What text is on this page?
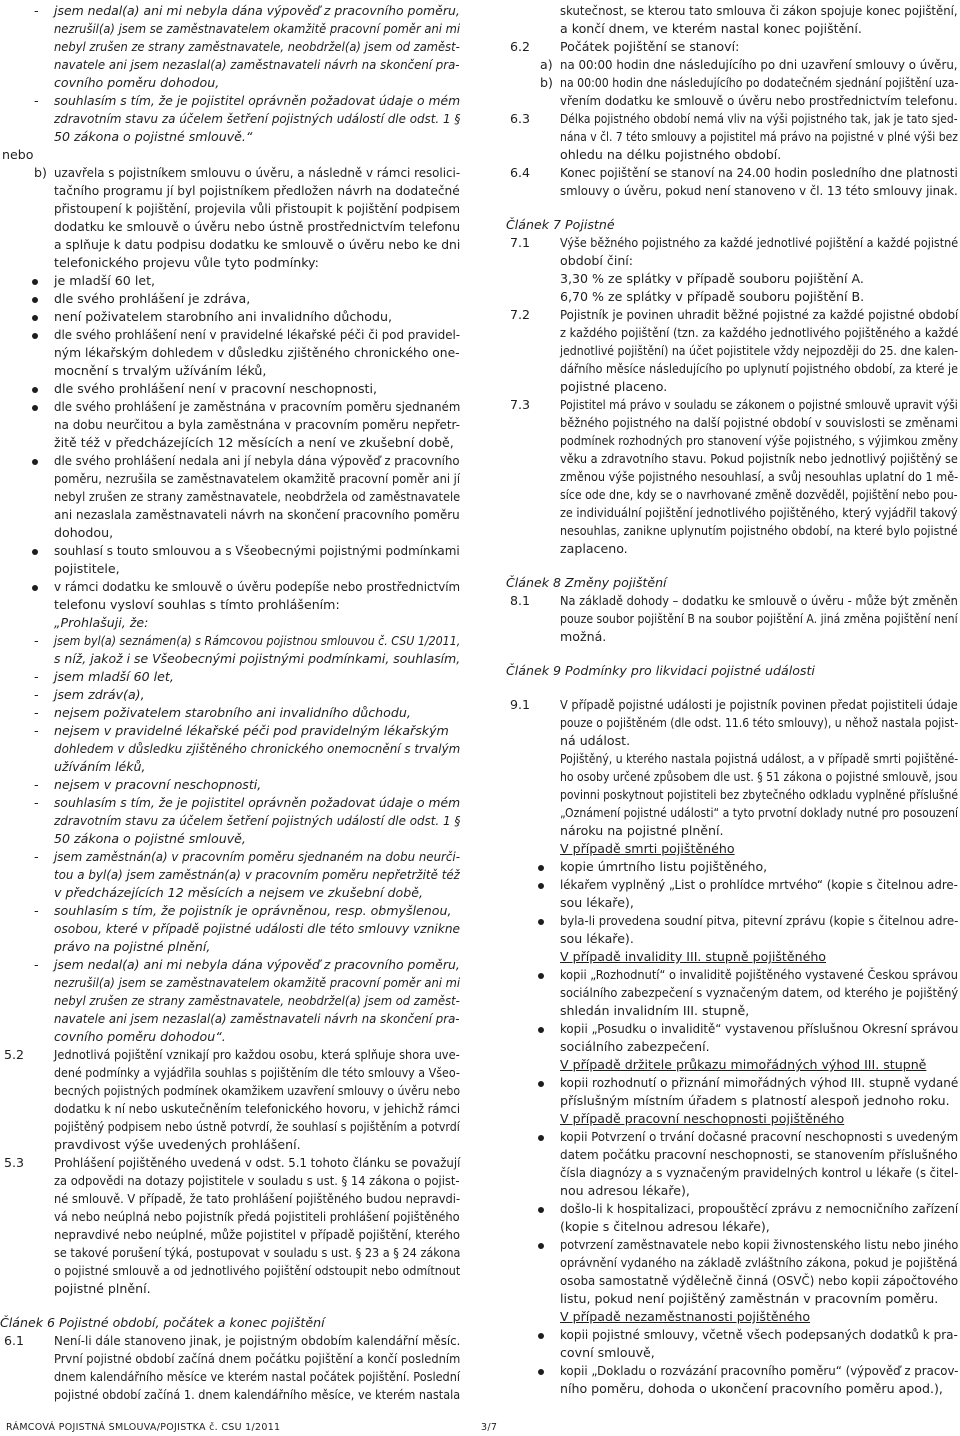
- jsem nedal(a) ani mi nebyla dána výpověď z pracovního poměru,
nezrušil(a) jsem se zaměstnavatelem okamžitě pracovní poměr ani mi
nebyl zrušen ze strany zaměstnavatele, neobdržel(a) jsem od zaměst-
navatele ani jsem nezaslal(a) zaměstnavateli návrh na skončení pra-
covního poměru dohodou,
- souhlasím s tím, že je pojistitel oprávněn požadovat údaje o mém
zdravotním stavu za účelem šetření pojistných událostí dle odst. 1 §
50 zákona o pojistné smlouvě.“
nebo
b) uzavřela s pojistníkem smlouvu o úvěru, a následně v rámci resolici-
tačního programu jí byl pojistníkem předložen návrh na dodatečné
přistoupení k pojištění, projevila vůli přistoupit k pojištění podpisem
dodatku ke smlouvě o úvěru nebo ústně prostřednictvím telefonu
a splňuje k datu podpisu dodatku ke smlouvě o úvěru nebo ke dni
telefonického projevu vůle tyto podmínky:
je mladší 60 let,
dle svého prohlášení je zdráva,
není poživatelem starobního ani invalidního důchodu,
dle svého prohlášení není v pravidelné lékařské péči či pod pravidel-
ným lékařským dohledem v důsledku zjištěného chronického one-
mocnění s trvalým užíváním léků,
dle svého prohlášení není v pracovní neschopnosti,
dle svého prohlášení je zaměstnána v pracovním poměru sjednaném
na dobu neurčitou a byla zaměstnána v pracovním poměru nepřetr-
žitě též v předcházejících 12 měsících a není ve zkušební době,
dle svého prohlášení nedala ani jí nebyla dána výpověď z pracovního
poměru, nezrušila se zaměstnavatelem okamžitě pracovní poměr ani jí
nebyl zrušen ze strany zaměstnavatele, neobdržela od zaměstnavatele
ani nezaslala zaměstnavateli návrh na skončení pracovního poměru
dohodou,
souhlasí s touto smlouvou a s Všeobecnými pojistnými podmínkami
pojistitele,
v rámci dodatku ke smlouvě o úvěru podepíše nebo prostřednictvím
telefonu vysloví souhlas s tímto prohlášením:
„Prohlašuji, že:
- jsem byl(a) seznámen(a) s Rámcovou pojistnou smlouvou č. CSU 1/2011,
s níž, jakož i se Všeobecnými pojistnými podmínkami, souhlasím,
- jsem mladší 60 let,
- jsem zdráv(a),
- nejsem poživatelem starobního ani invalidního důchodu,
- nejsem v pravidelné lékařské péči pod pravidelným lékařským
dohledem v důsledku zjištěného chronického onemocnění s trvalým
užíváním léků,
- nejsem v pracovní neschopnosti,
- souhlasím s tím, že je pojistitel oprávněn požadovat údaje o mém
zdravotním stavu za účelem šetření pojistných událostí dle odst. 1 §
50 zákona o pojistné smlouvě,
- jsem zaměstnán(a) v pracovním poměru sjednaném na dobu neurči-
tou a byl(a) jsem zaměstnán(a) v pracovním poměru nepřetržitě též
v předcházejících 12 měsících a nejsem ve zkušební době,
- souhlasím s tím, že pojistník je oprávněnou, resp. obmyšlenou,
osobou, které v případě pojistné události dle této smlouvy vznikne
právo na pojistné plnění,
- jsem nedal(a) ani mi nebyla dána výpověď z pracovního poměru,
nezrušil(a) jsem se zaměstnavatelem okamžitě pracovní poměr ani mi
nebyl zrušen ze strany zaměstnavatele, neobdržel(a) jsem od zaměst-
navatele ani jsem nezaslal(a) zaměstnavateli návrh na skončení pra-
covního poměru dohodou“.
5.2 Jednotlivá pojištění vznikají pro každou osobu, která splňuje shora uve-
dené podmínky a vyjádřila souhlas s pojištěním dle této smlouvy a Všeo-
becných pojistných podmínek okamžikem uzavření smlouvy o úvěru nebo
dodatku k ní nebo uskutečněním telefonického hovoru, v jehichž rámci
pojištěný podpisem nebo ústně potvrdí, že souhlasí s pojištěním a potvrdí
pravdivost výše uvedených prohlášení.
5.3 Prohlášení pojištěného uvedená v odst. 5.1 tohoto článku se považují
za odpovědi na dotazy pojistitele v souladu s ust. § 14 zákona o pojist-
né smlouvě. V případě, že tato prohlášení pojištěného budou nepravdi-
vá nebo neúplná nebo pojistník předá pojistiteli prohlášení pojištěného
nepravdivé nebo neúplné, může pojistitel v případě pojištění, kterého
se takové porušení týká, postupovat v souladu s ust. § 23 a § 24 zákona
o pojistné smlouvě a od jednotlivého pojištění odstoupit nebo odmítnout
pojistné plnění.
Článek 6 Pojistné období, počátek a konec pojištění
6.1 Není-li dále stanoveno jinak, je pojistným obdobím kalendářní měsíc.
První pojistné období začíná dnem počátku pojištění a končí posledním
dnem kalendářního měsíce ve kterém nastal počátek pojištění. Poslední
pojistné období začíná 1. dnem kalendářního měsíce, ve kterém nastala
skutečnost, se kterou tato smlouva či zákon spojuje konec pojištění,
a končí dnem, ve kterém nastal konec pojištění.
6.2 Počátek pojištění se stanoví:
a) na 00:00 hodin dne následujícího po dni uzavření smlouvy o úvěru,
b) na 00:00 hodin dne následujícího po dodatečném sjednání pojištění uza-
vřením dodatku ke smlouvě o úvěru nebo prostřednictvím telefonu.
6.3 Délka pojistného období nemá vliv na výši pojistného tak, jak je tato sjed-
nána v čl. 7 této smlouvy a pojistitel má právo na pojistné v plné výši bez
ohledu na délku pojistného období.
6.4 Konec pojištění se stanoví na 24.00 hodin posledního dne platnosti
smlouvy o úvěru, pokud není stanoveno v čl. 13 této smlouvy jinak.
Článek 7 Pojistné
7.1 Výše běžného pojistného za každé jednotlivé pojištění a každé pojistné
období činí:
3,30 % ze splátky v případě souboru pojištění A.
6,70 % ze splátky v případě souboru pojištění B.
7.2 Pojistník je povinen uhradit běžné pojistné za každé pojistné období
z každého pojištění (tzn. za každého jednotlivého pojištěného a každé
jednotlivé pojištění) na účet pojistitele vždy nejpozději do 25. dne kalen-
dářního měsíce následujícího po uplynutí pojistného období, za které je
pojistné placeno.
7.3 Pojistitel má právo v souladu se zákonem o pojistné smlouvě upravit výši
běžného pojistného na další pojistné období v souvislosti se změnami
podmínek rozhodných pro stanovení výše pojistného, s výjimkou změny
věku a zdravotního stavu. Pokud pojistník nebo jednotlivý pojištěný se
změnou výše pojistného nesouhlasí, a svůj nesouhlas uplatní do 1 mě-
síce ode dne, kdy se o navrhované změně dozvěděl, pojištění nebo pou-
ze individuální pojištění jednotlivého pojištěného, který vyjádřil takový
nesouhlas, zanikne uplynutím pojistného období, na které bylo pojistné
zaplaceno.
Článek 8 Změny pojištění
8.1 Na základě dohody – dodatku ke smlouvě o úvěru - může být změněn
pouze soubor pojištění B na soubor pojištění A. jiná změna pojištění není
možná.
Článek 9 Podmínky pro likvidaci pojistné události
9.1 V případě pojistné události je pojistník povinen předat pojistiteli údaje
pouze o pojištěném (dle odst. 11.6 této smlouvy), u něhož nastala pojist-
ná událost.
Pojištěný, u kterého nastala pojistná událost, a v případě smrti pojištěné-
ho osoby určené způsobem dle ust. § 51 zákona o pojistné smlouvě, jsou
povinni poskytnout pojistiteli bez zbytečného odkladu vyplněné příslušné
„Oznámení pojistné události“ a tyto prvotní doklady nutné pro posouzení
nároku na pojistné plnění.
V případě smrti pojištěného
kopie úmrtního listu pojištěného,
lékařem vyplněný „List o prohlídce mrtvého“ (kopie s čitelnou adre-
sou lékaře),
byla-li provedena soudní pitva, pitevní zprávu (kopie s čitelnou adre-
sou lékaře).
V případě invalidity III. stupně pojištěného
kopii „Rozhodnutí“ o invaliditě pojištěného vystavené Českou správou
sociálního zabezpečení s vyznačeným datem, od kterého je pojištěný
shledán invalidním III. stupně,
kopii „Posudku o invaliditě“ vystavenou příslušnou Okresní správou
sociálního zabezpečení.
V případě držitele průkazu mimořádných výhod III. stupně
kopii rozhodnutí o přiznání mimořádných výhod III. stupně vydané
příslušným místním úřadem s platností alespoň jednoho roku.
V případě pracovní neschopnosti pojištěného
kopii Potvrzení o trvání dočasné pracovní neschopnosti s uvedeným
datem počátku pracovní neschopnosti, se stanovením příslušného
čísla diagnózy a s vyznačeným pravidelných kontrol u lékaře (s čitel-
nou adresou lékaře),
došlo-li k hospitalizaci, propouštěcí zprávu z nemocničního zařízení
(kopie s čitelnou adresou lékaře),
potvrzení zaměstnavatele nebo kopii živnostenského listu nebo jiného
oprávnění vydaného na základě zvláštního zákona, pokud je pojištěná
osoba samostatně výdělečně činná (OSVČ) nebo kopii zápočtového
listu, pokud není pojištěný zaměstnán v pracovním poměru.
V případě nezaměstnanosti pojištěného
kopii pojistné smlouvy, včetně všech podepsaných dodatků k pra-
covní smlouvě,
kopii „Dokladu o rozvázání pracovního poměru“ (výpověď z pracov-
ního poměru, dohoda o ukončení pracovního poměru apod.),
RÁMCOVÁ POJISTNÁ SMLOUVA/POJISTKA č. CSU 1/2011	3/7
